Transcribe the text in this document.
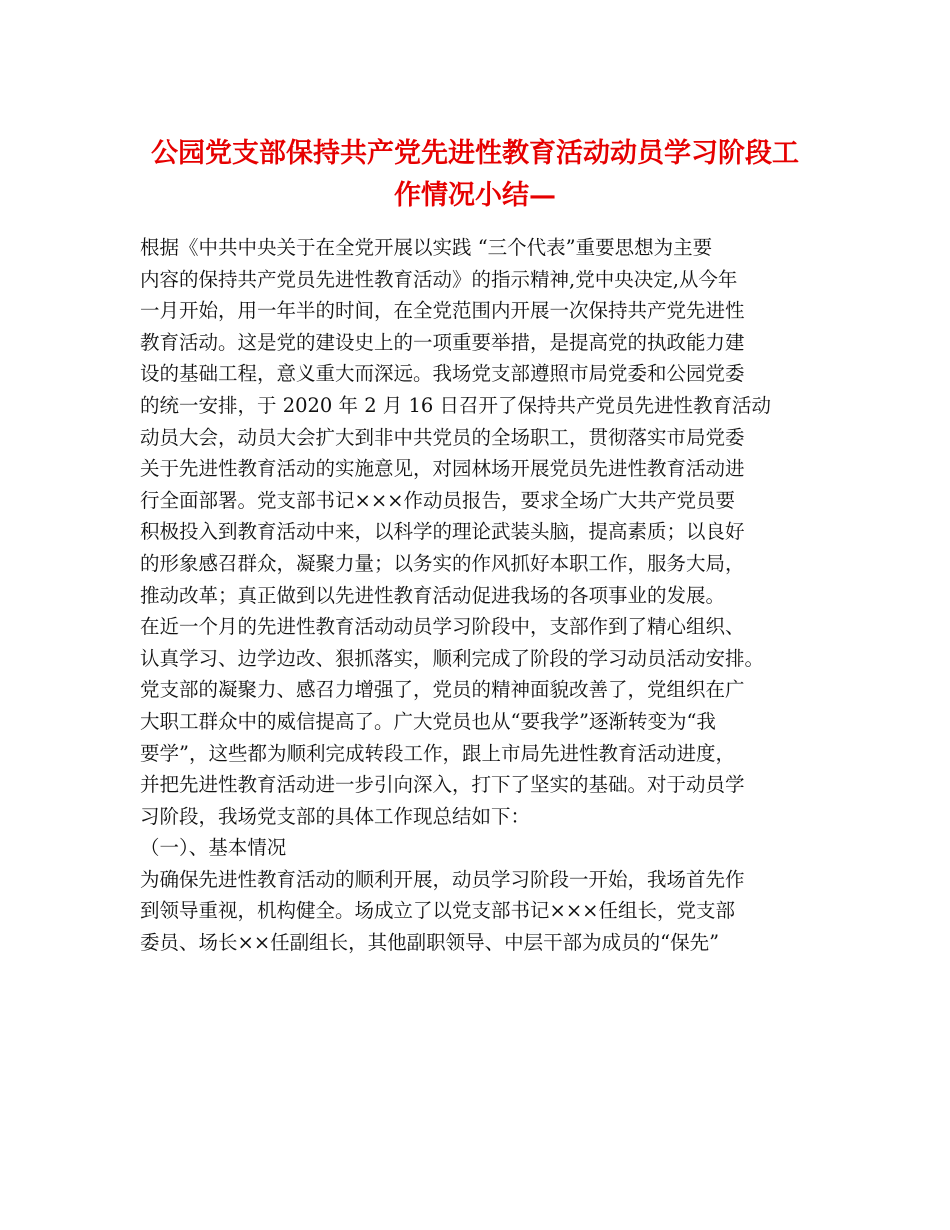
公园党支部保持共产党先进性教育活动动员学习阶段工
作情况小结—
根据《中共中央关于在全党开展以实践 “三个代表”重要思想为主要
内容的保持共产党员先进性教育活动》的指示精神,党中央决定,从今年
一月开始，用一年半的时间，在全党范围内开展一次保持共产党先进性
教育活动。这是党的建设史上的一项重要举措，是提高党的执政能力建
设的基础工程，意义重大而深远。我场党支部遵照市局党委和公园党委
的统一安排，于 2020 年 2 月 16 日召开了保持共产党员先进性教育活动
动员大会，动员大会扩大到非中共党员的全场职工，贯彻落实市局党委
关于先进性教育活动的实施意见，对园林场开展党员先进性教育活动进
行全面部署。党支部书记×××作动员报告，要求全场广大共产党员要
积极投入到教育活动中来，以科学的理论武装头脑，提高素质；以良好
的形象感召群众，凝聚力量；以务实的作风抓好本职工作，服务大局，
推动改革；真正做到以先进性教育活动促进我场的各项事业的发展。
在近一个月的先进性教育活动动员学习阶段中，支部作到了精心组织、
认真学习、边学边改、狠抓落实，顺利完成了阶段的学习动员活动安排。
党支部的凝聚力、感召力增强了，党员的精神面貌改善了，党组织在广
大职工群众中的威信提高了。广大党员也从“要我学”逐渐转变为“我
要学”，这些都为顺利完成转段工作，跟上市局先进性教育活动进度，
并把先进性教育活动进一步引向深入，打下了坚实的基础。对于动员学
习阶段，我场党支部的具体工作现总结如下：
（一）、基本情况
为确保先进性教育活动的顺利开展，动员学习阶段一开始，我场首先作
到领导重视，机构健全。场成立了以党支部书记×××任组长，党支部
委员、场长××任副组长，其他副职领导、中层干部为成员的“保先”
